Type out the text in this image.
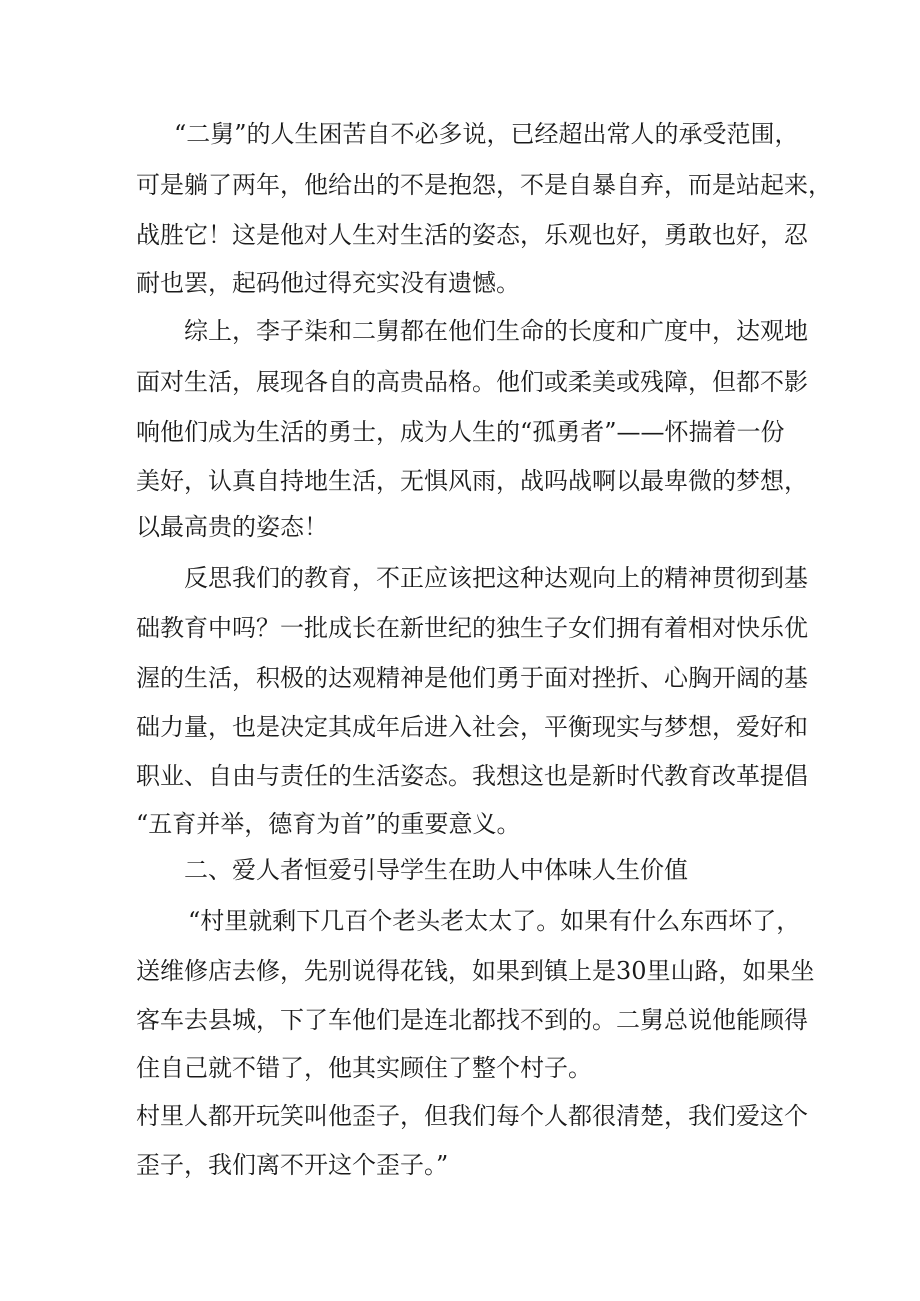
“二舅”的人生困苦自不必多说，已经超出常人的承受范围，
可是躺了两年，他给出的不是抱怨，不是自暴自弃，而是站起来，
战胜它！这是他对人生对生活的姿态，乐观也好，勇敢也好，忍
耐也罢，起码他过得充实没有遗憾。
综上，李子柒和二舅都在他们生命的长度和广度中，达观地
面对生活，展现各自的高贵品格。他们或柔美或残障，但都不影
响他们成为生活的勇士，成为人生的“孤勇者”——怀揣着一份
美好，认真自持地生活，无惧风雨，战吗战啊以最卑微的梦想，
以最高贵的姿态！
反思我们的教育，不正应该把这种达观向上的精神贯彻到基
础教育中吗？一批成长在新世纪的独生子女们拥有着相对快乐优
渥的生活，积极的达观精神是他们勇于面对挫折、心胸开阔的基
础力量，也是决定其成年后进入社会，平衡现实与梦想，爱好和
职业、自由与责任的生活姿态。我想这也是新时代教育改革提倡
“五育并举，德育为首”的重要意义。
二、爱人者恒爱引导学生在助人中体味人生价值
“村里就剩下几百个老头老太太了。如果有什么东西坏了，
送维修店去修，先别说得花钱，如果到镇上是30里山路，如果坐
客车去县城，下了车他们是连北都找不到的。二舅总说他能顾得
住自己就不错了，他其实顾住了整个村子。
村里人都开玩笑叫他歪子，但我们每个人都很清楚，我们爱这个
歪子，我们离不开这个歪子。”
